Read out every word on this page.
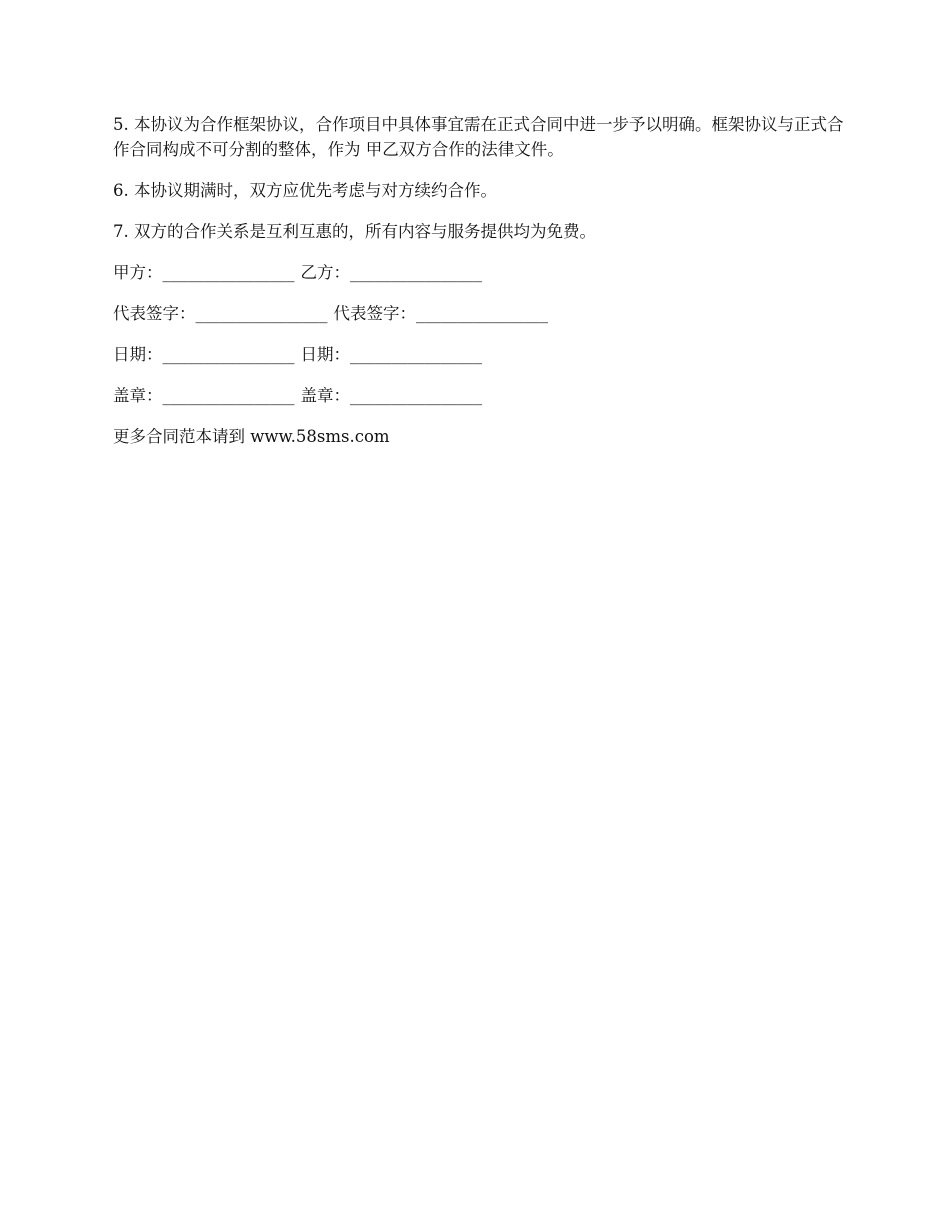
5. 本协议为合作框架协议，合作项目中具体事宜需在正式合同中进一步予以明确。框架协议与正式合作合同构成不可分割的整体，作为 甲乙双方合作的法律文件。

6. 本协议期满时，双方应优先考虑与对方续约合作。

7. 双方的合作关系是互利互惠的，所有内容与服务提供均为免费。

甲方：________________ 乙方：________________
代表签字：________________ 代表签字：________________
日期：________________ 日期：________________
盖章：________________ 盖章：________________

更多合同范本请到 www.58sms.com
